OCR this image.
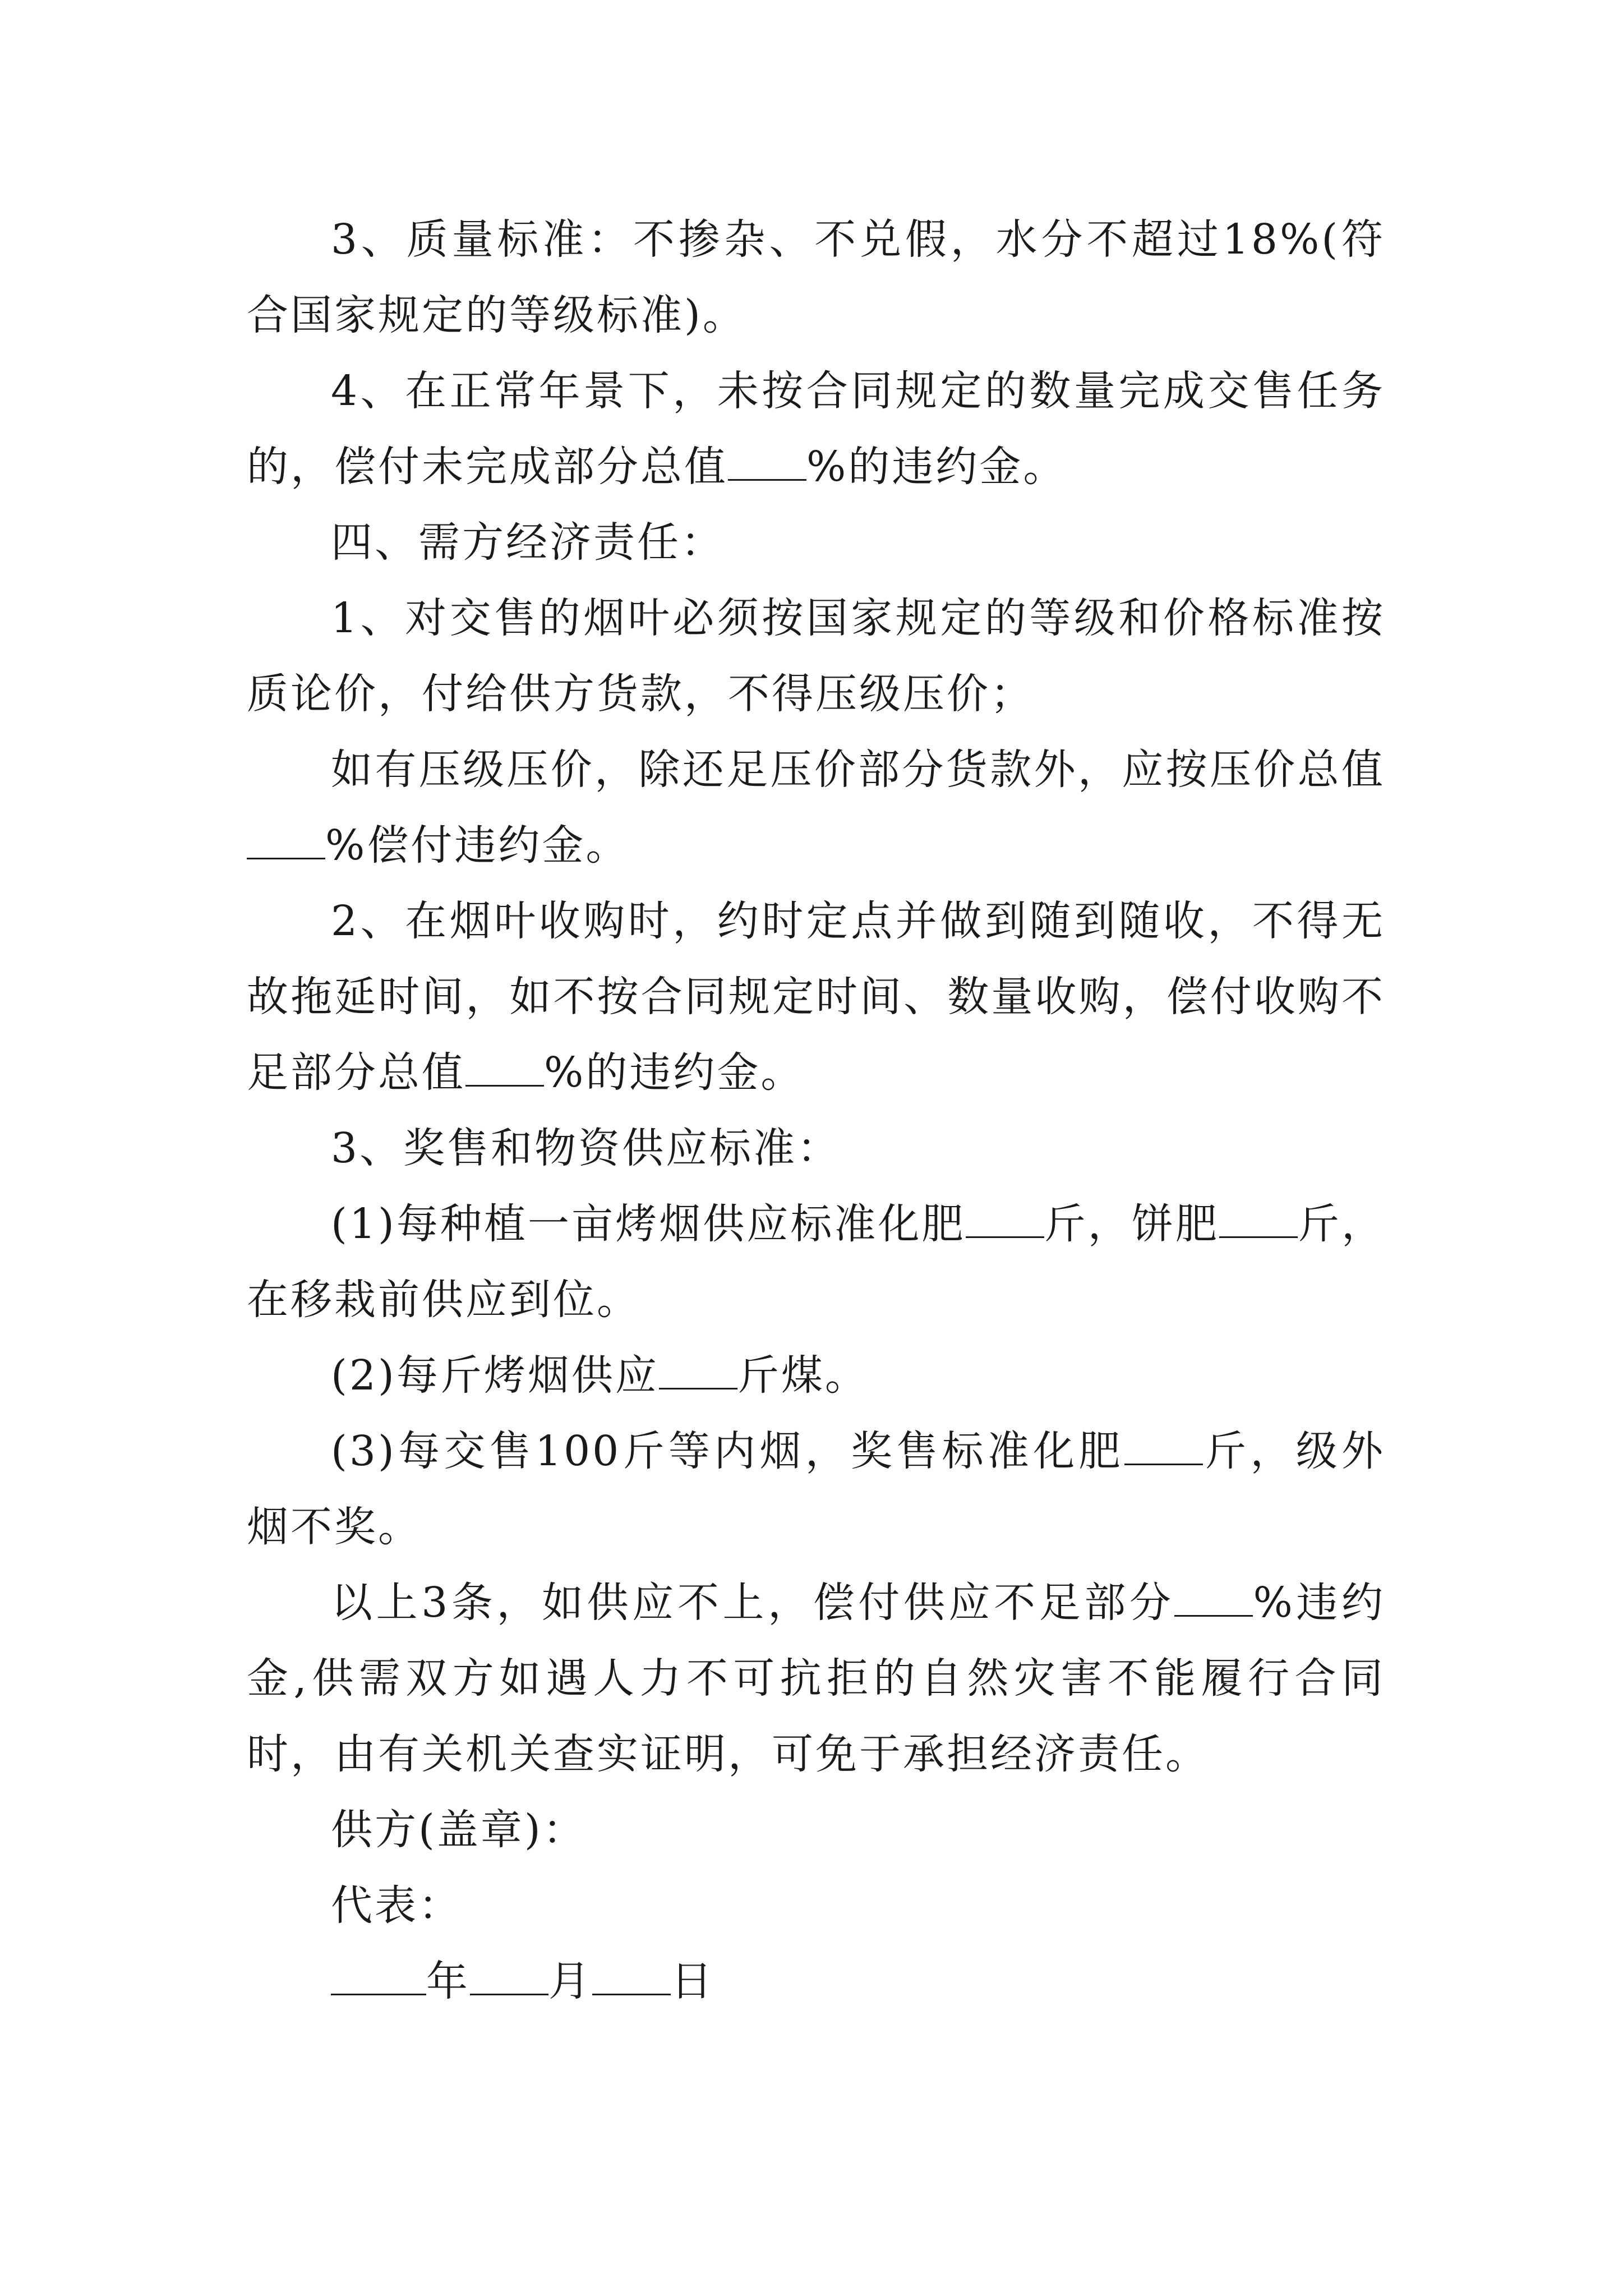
3、质量标准：不掺杂、不兑假，水分不超过18%(符合国家规定的等级标准)。

4、在正常年景下，未按合同规定的数量完成交售任务的，偿付未完成部分总值 %的违约金。

四、需方经济责任：

1、对交售的烟叶必须按国家规定的等级和价格标准按质论价，付给供方货款，不得压级压价；

如有压级压价，除还足压价部分货款外，应按压价总值%偿付违约金。

2、在烟叶收购时，约时定点并做到随到随收，不得无故拖延时间，如不按合同规定时间、数量收购，偿付收购不足部分总值 %的违约金。

3、奖售和物资供应标准：

(1)每种植一亩烤烟供应标准化肥 斤，饼肥 斤，在移栽前供应到位。

(2)每斤烤烟供应 斤煤。

(3)每交售100斤等内烟，奖售标准化肥 斤，级外烟不奖。

以上3条，如供应不上，偿付供应不足部分 %违约金,供需双方如遇人力不可抗拒的自然灾害不能履行合同时，由有关机关查实证明，可免于承担经济责任。

供方(盖章)：

代表：

年 月 日
